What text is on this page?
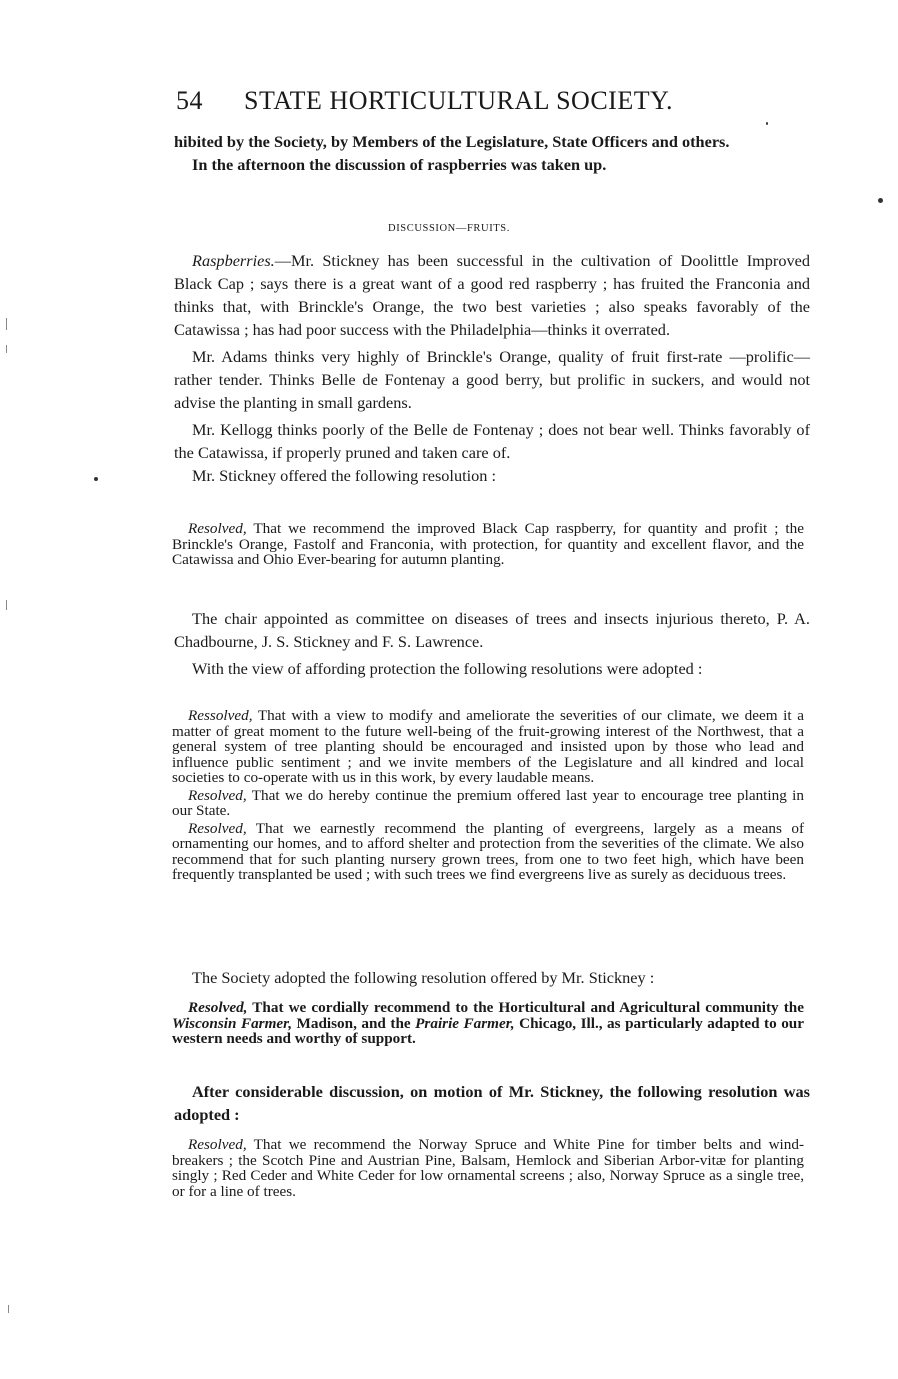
54 STATE HORTICULTURAL SOCIETY.

hibited by the Society, by Members of the Legislature, State Officers and others.

In the afternoon the discussion of raspberries was taken up.

DISCUSSION—FRUITS.

Raspberries.—Mr. Stickney has been successful in the cultivation of Doolittle Improved Black Cap ; says there is a great want of a good red raspberry ; has fruited the Franconia and thinks that, with Brinckle's Orange, the two best varieties ; also speaks favorably of the Catawissa ; has had poor success with the Philadelphia—thinks it overrated.

Mr. Adams thinks very highly of Brinckle's Orange, quality of fruit first-rate —prolific—rather tender. Thinks Belle de Fontenay a good berry, but prolific in suckers, and would not advise the planting in small gardens.

Mr. Kellogg thinks poorly of the Belle de Fontenay ; does not bear well. Thinks favorably of the Catawissa, if properly pruned and taken care of.

Mr. Stickney offered the following resolution :

Resolved, That we recommend the improved Black Cap raspberry, for quantity and profit ; the Brinckle's Orange, Fastolf and Franconia, with protection, for quantity and excellent flavor, and the Catawissa and Ohio Ever-bearing for autumn planting.

The chair appointed as committee on diseases of trees and insects injurious thereto, P. A. Chadbourne, J. S. Stickney and F. S. Lawrence.

With the view of affording protection the following resolutions were adopted :

Ressolved, That with a view to modify and ameliorate the severities of our climate, we deem it a matter of great moment to the future well-being of the fruit-growing interest of the Northwest, that a general system of tree planting should be encouraged and insisted upon by those who lead and influence public sentiment ; and we invite members of the Legislature and all kindred and local societies to co-operate with us in this work, by every laudable means.

Resolved, That we do hereby continue the premium offered last year to encourage tree planting in our State.

Resolved, That we earnestly recommend the planting of evergreens, largely as a means of ornamenting our homes, and to afford shelter and protection from the severities of the climate. We also recommend that for such planting nursery grown trees, from one to two feet high, which have been frequently transplanted be used ; with such trees we find evergreens live as surely as deciduous trees.

The Society adopted the following resolution offered by Mr. Stickney :

Resolved, That we cordially recommend to the Horticultural and Agricultural community the Wisconsin Farmer, Madison, and the Prairie Farmer, Chicago, Ill., as particularly adapted to our western needs and worthy of support.

After considerable discussion, on motion of Mr. Stickney, the following resolution was adopted :

Resolved, That we recommend the Norway Spruce and White Pine for timber belts and wind-breakers ; the Scotch Pine and Austrian Pine, Balsam, Hemlock and Siberian Arbor-vitæ for planting singly ; Red Ceder and White Ceder for low ornamental screens ; also, Norway Spruce as a single tree, or for a line of trees.
